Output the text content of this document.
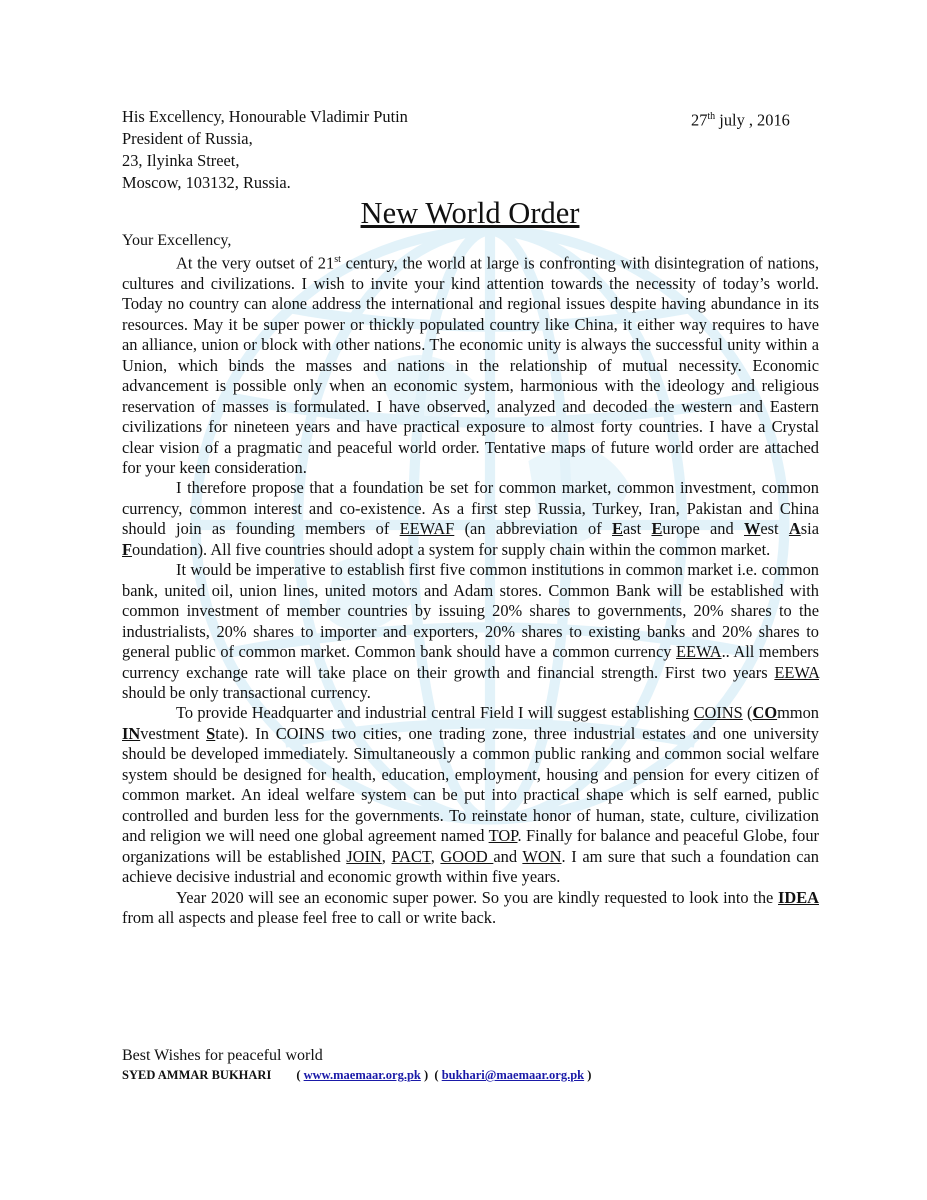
His Excellency, Honourable Vladimir Putin
President of Russia,
23, Ilyinka Street,
Moscow, 103132, Russia.
27th july , 2016
New World Order
Your Excellency,

At the very outset of 21st century, the world at large is confronting with disintegration of nations, cultures and civilizations. I wish to invite your kind attention towards the necessity of today’s world. Today no country can alone address the international and regional issues despite having abundance in its resources. May it be super power or thickly populated country like China, it either way requires to have an alliance, union or block with other nations. The economic unity is always the successful unity within a Union, which binds the masses and nations in the relationship of mutual necessity. Economic advancement is possible only when an economic system, harmonious with the ideology and religious reservation of masses is formulated. I have observed, analyzed and decoded the western and Eastern civilizations for nineteen years and have practical exposure to almost forty countries. I have a Crystal clear vision of a pragmatic and peaceful world order. Tentative maps of future world order are attached for your keen consideration.

I therefore propose that a foundation be set for common market, common investment, common currency, common interest and co-existence. As a first step Russia, Turkey, Iran, Pakistan and China should join as founding members of EEWAF (an abbreviation of East Europe and West Asia Foundation). All five countries should adopt a system for supply chain within the common market.

It would be imperative to establish first five common institutions in common market i.e. common bank, united oil, union lines, united motors and Adam stores. Common Bank will be established with common investment of member countries by issuing 20% shares to governments, 20% shares to the industrialists, 20% shares to importer and exporters, 20% shares to existing banks and 20% shares to general public of common market. Common bank should have a common currency EEWA.. All members currency exchange rate will take place on their growth and financial strength. First two years EEWA should be only transactional currency.

To provide Headquarter and industrial central Field I will suggest establishing COINS (COmmon INvestment State). In COINS two cities, one trading zone, three industrial estates and one university should be developed immediately. Simultaneously a common public ranking and common social welfare system should be designed for health, education, employment, housing and pension for every citizen of common market. An ideal welfare system can be put into practical shape which is self earned, public controlled and burden less for the governments. To reinstate honor of human, state, culture, civilization and religion we will need one global agreement named TOP. Finally for balance and peaceful Globe, four organizations will be established JOIN, PACT, GOOD and WON. I am sure that such a foundation can achieve decisive industrial and economic growth within five years.

Year 2020 will see an economic super power. So you are kindly requested to look into the IDEA from all aspects and please feel free to call or write back.

Best Wishes for peaceful world
SYED AMMAR BUKHARI ( www.maemaar.org.pk )  ( bukhari@maemaar.org.pk )
